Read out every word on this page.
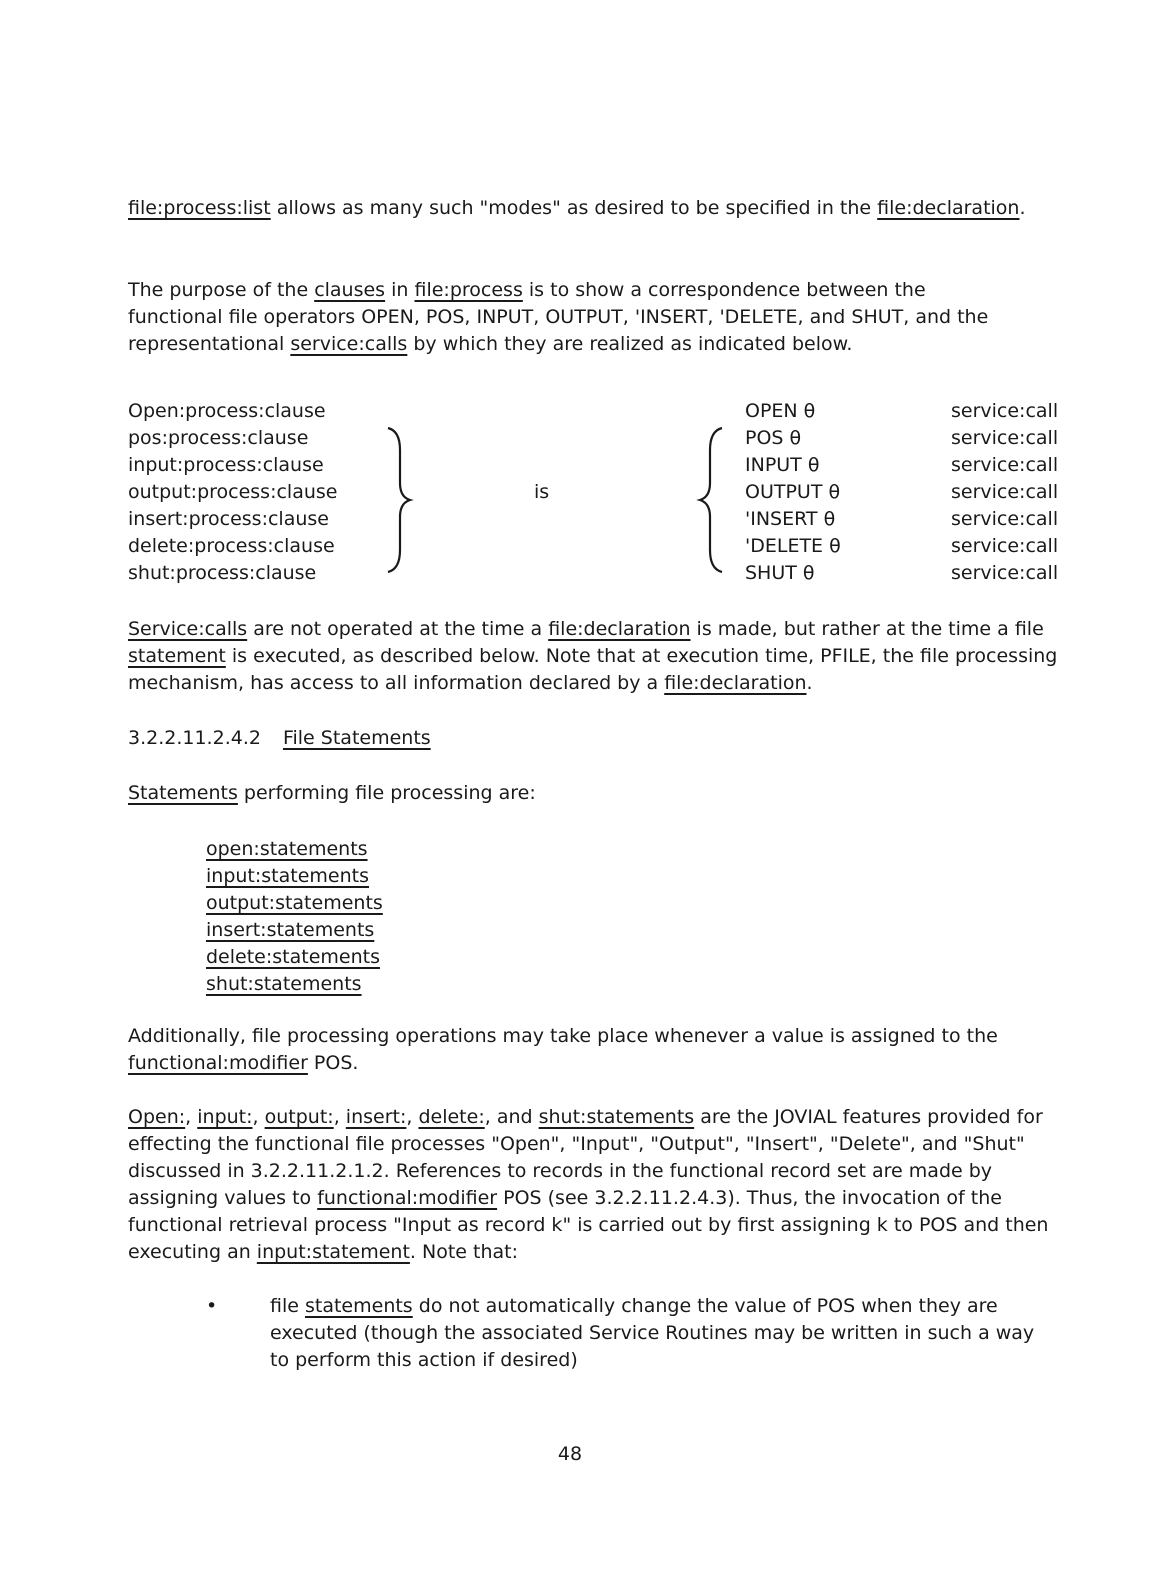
file:process:list allows as many such "modes" as desired to be specified in the file:declaration.

The purpose of the clauses in file:process is to show a correspondence between the functional file operators OPEN, POS, INPUT, OUTPUT, 'INSERT, 'DELETE, and SHUT, and the representational service:calls by which they are realized as indicated below.

Open:process:clause
pos:process:clause
input:process:clause
output:process:clause
insert:process:clause
delete:process:clause
shut:process:clause
is
OPEN θ
POS θ
INPUT θ
OUTPUT θ
'INSERT θ
'DELETE θ
SHUT θ
service:call
service:call
service:call
service:call
service:call
service:call
service:call

Service:calls are not operated at the time a file:declaration is made, but rather at the time a file statement is executed, as described below. Note that at execution time, PFILE, the file processing mechanism, has access to all information declared by a file:declaration.

3.2.2.11.2.4.2 File Statements

Statements performing file processing are:

open:statements
input:statements
output:statements
insert:statements
delete:statements
shut:statements

Additionally, file processing operations may take place whenever a value is assigned to the functional:modifier POS.

Open:, input:, output:, insert:, delete:, and shut:statements are the JOVIAL features provided for effecting the functional file processes "Open", "Input", "Output", "Insert", "Delete", and "Shut" discussed in 3.2.2.11.2.1.2. References to records in the functional record set are made by assigning values to functional:modifier POS (see 3.2.2.11.2.4.3). Thus, the invocation of the functional retrieval process "Input as record k" is carried out by first assigning k to POS and then executing an input:statement. Note that:

•	file statements do not automatically change the value of POS when they are executed (though the associated Service Routines may be written in such a way to perform this action if desired)
48
